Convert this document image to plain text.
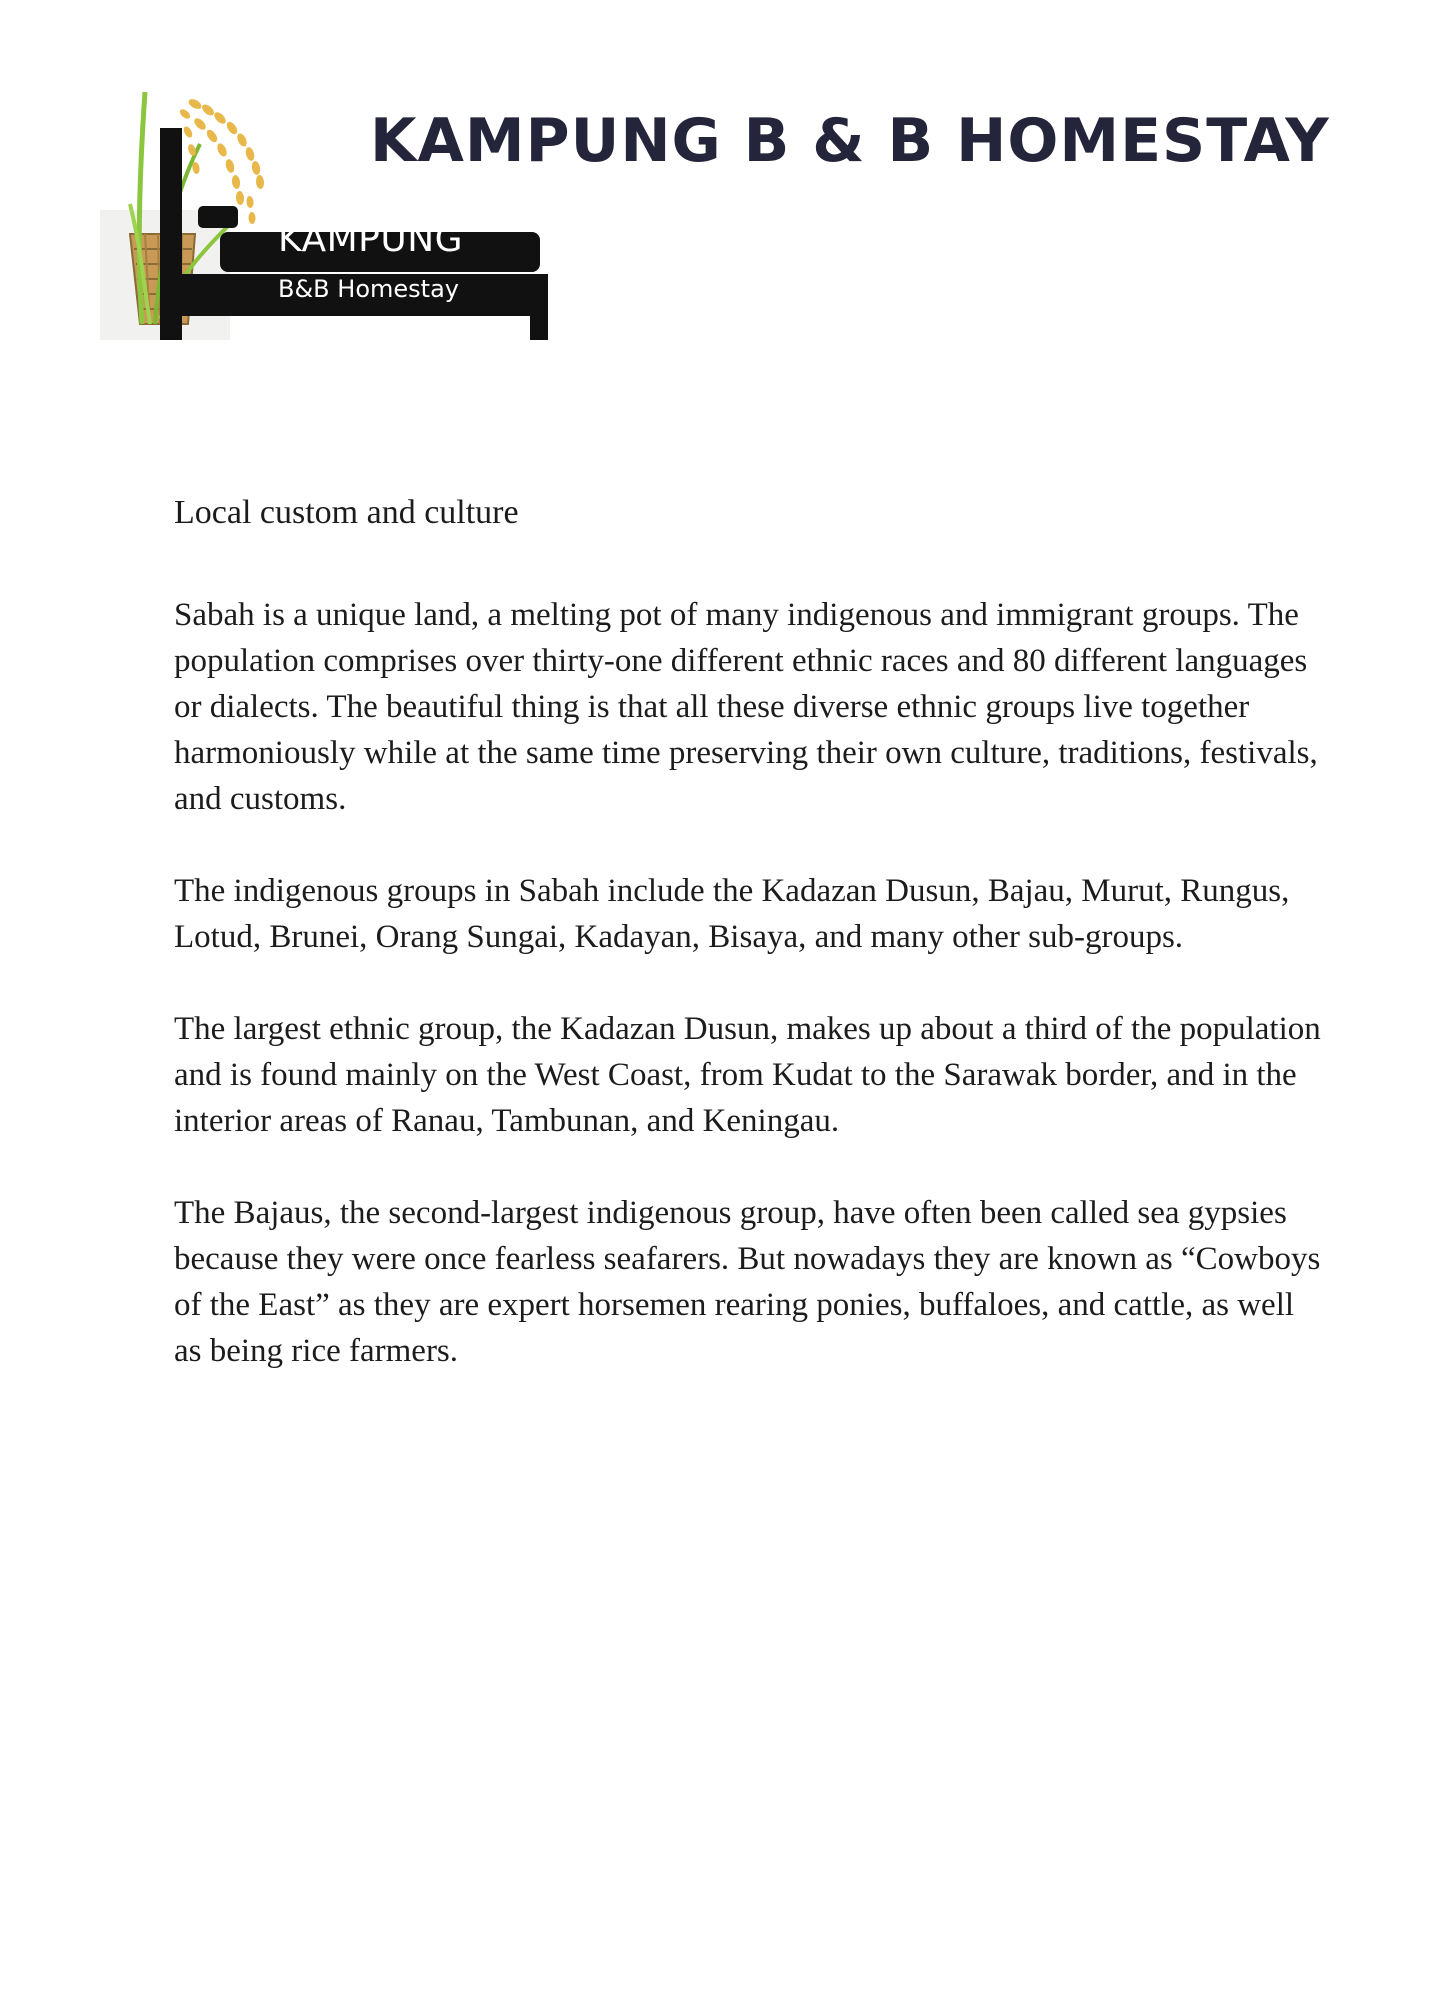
KAMPUNG
B&B Homestay
KAMPUNG B & B HOMESTAY
Local custom and culture

Sabah is a unique land, a melting pot of many indigenous and immigrant groups. The population comprises over thirty-one different ethnic races and 80 different languages or dialects. The beautiful thing is that all these diverse ethnic groups live together harmoniously while at the same time preserving their own culture, traditions, festivals, and customs.

The indigenous groups in Sabah include the Kadazan Dusun, Bajau, Murut, Rungus, Lotud, Brunei, Orang Sungai, Kadayan, Bisaya, and many other sub-groups.

The largest ethnic group, the Kadazan Dusun, makes up about a third of the population and is found mainly on the West Coast, from Kudat to the Sarawak border, and in the interior areas of Ranau, Tambunan, and Keningau.

The Bajaus, the second-largest indigenous group, have often been called sea gypsies because they were once fearless seafarers. But nowadays they are known as “Cowboys of the East” as they are expert horsemen rearing ponies, buffaloes, and cattle, as well as being rice farmers.
